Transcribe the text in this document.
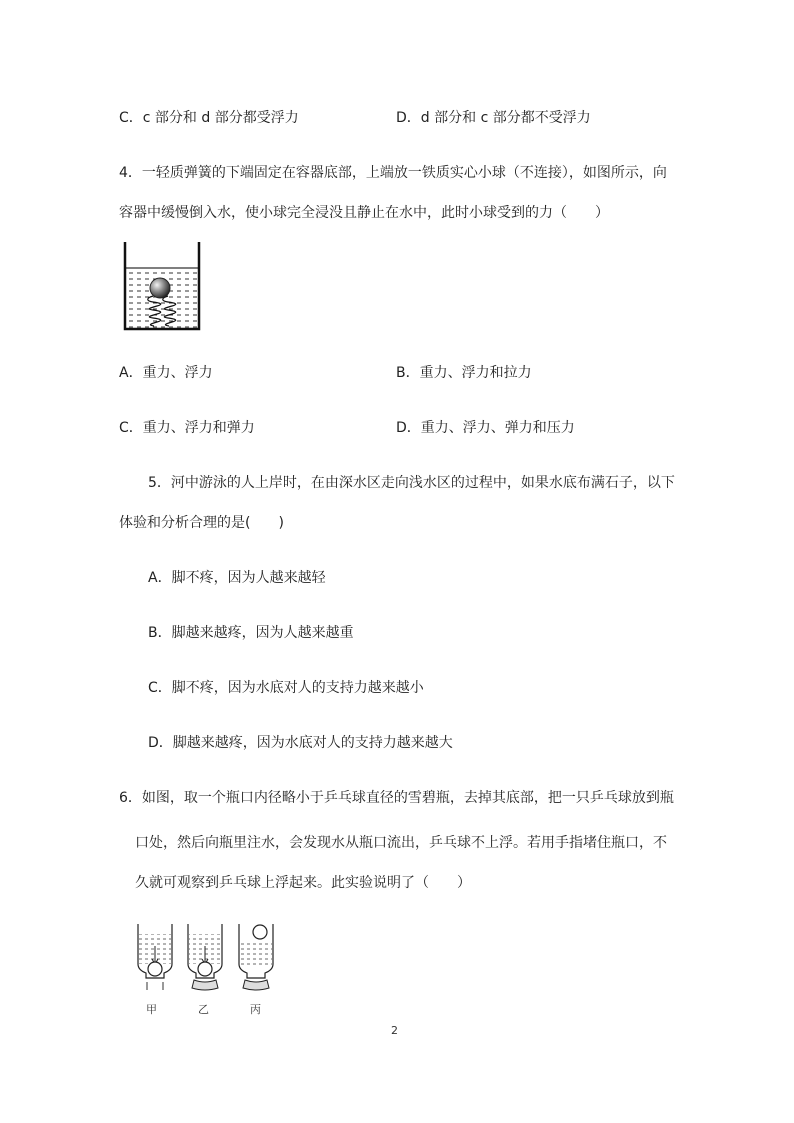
C．c 部分和 d 部分都受浮力	D．d 部分和 c 部分都不受浮力
4．一轻质弹簧的下端固定在容器底部，上端放一铁质实心小球（不连接），如图所示，向
容器中缓慢倒入水，使小球完全浸没且静止在水中，此时小球受到的力（　　）
A．重力、浮力	B．重力、浮力和拉力
C．重力、浮力和弹力	D．重力、浮力、弹力和压力
5．河中游泳的人上岸时，在由深水区走向浅水区的过程中，如果水底布满石子，以下
体验和分析合理的是(　　)
A．脚不疼，因为人越来越轻
B．脚越来越疼，因为人越来越重
C．脚不疼，因为水底对人的支持力越来越小
D．脚越来越疼，因为水底对人的支持力越来越大
6．如图，取一个瓶口内径略小于乒乓球直径的雪碧瓶，去掉其底部，把一只乒乓球放到瓶
口处，然后向瓶里注水，会发现水从瓶口流出，乒乓球不上浮。若用手指堵住瓶口，不
久就可观察到乒乓球上浮起来。此实验说明了（　　）
甲	乙	丙
2
